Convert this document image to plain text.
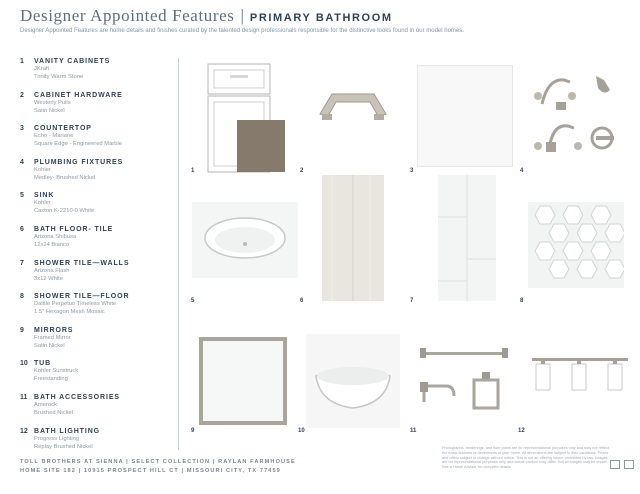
Designer Appointed Features | PRIMARY BATHROOM
Designer Appointed Features are home details and finishes curated by the talented design professionals responsible for the distinctive looks found in our model homes.
1 VANITY CABINETS
JKraft
Trinity Warm Stone
2 CABINET HARDWARE
Westerly Pulls
Satin Nickel
3 COUNTERTOP
Echo - Mariane
Square Edge - Engineered Marble
4 PLUMBING FIXTURES
Kohler
Medley- Brushed Nickel
5 SINK
Kohler
Caxton K-2210-0 White
6 BATH FLOOR- TILE
Arizona Shibusa
12x24 Bianco
7 SHOWER TILE—WALLS
Arizona Flash
3x12 White
8 SHOWER TILE—FLOOR
Daltile Perpetuo Timeless White
1.5" Hexagon Mesh Mosaic
9 MIRRORS
Framed Mirror
Satin Nickel
10 TUB
Kohler Sunstruck
Freestanding
11 BATH ACCESSORIES
Amerock
Brushed Nickel
12 BATH LIGHTING
Progress Lighting
Replay Brushed Nickel
1	2	3	4
5	6	7	8
9	10	11	12
TOLL BROTHERS AT SIENNA | SELECT COLLECTION | RAYLAN FARMHOUSE
HOME SITE 182 | 10915 PROSPECT HILL CT | MISSOURI CITY, TX 77459
Photographs, renderings, and floor plans are for representational purposes only and may not reflect the exact features or dimensions of your home. All dimensions are subject to field variations. Prices and offers subject to change without notice. This is not an offering where prohibited by law. Images are for representational purposes only and actual product may differ. Not all images may be shown. See a Home Advisor for complete details.
